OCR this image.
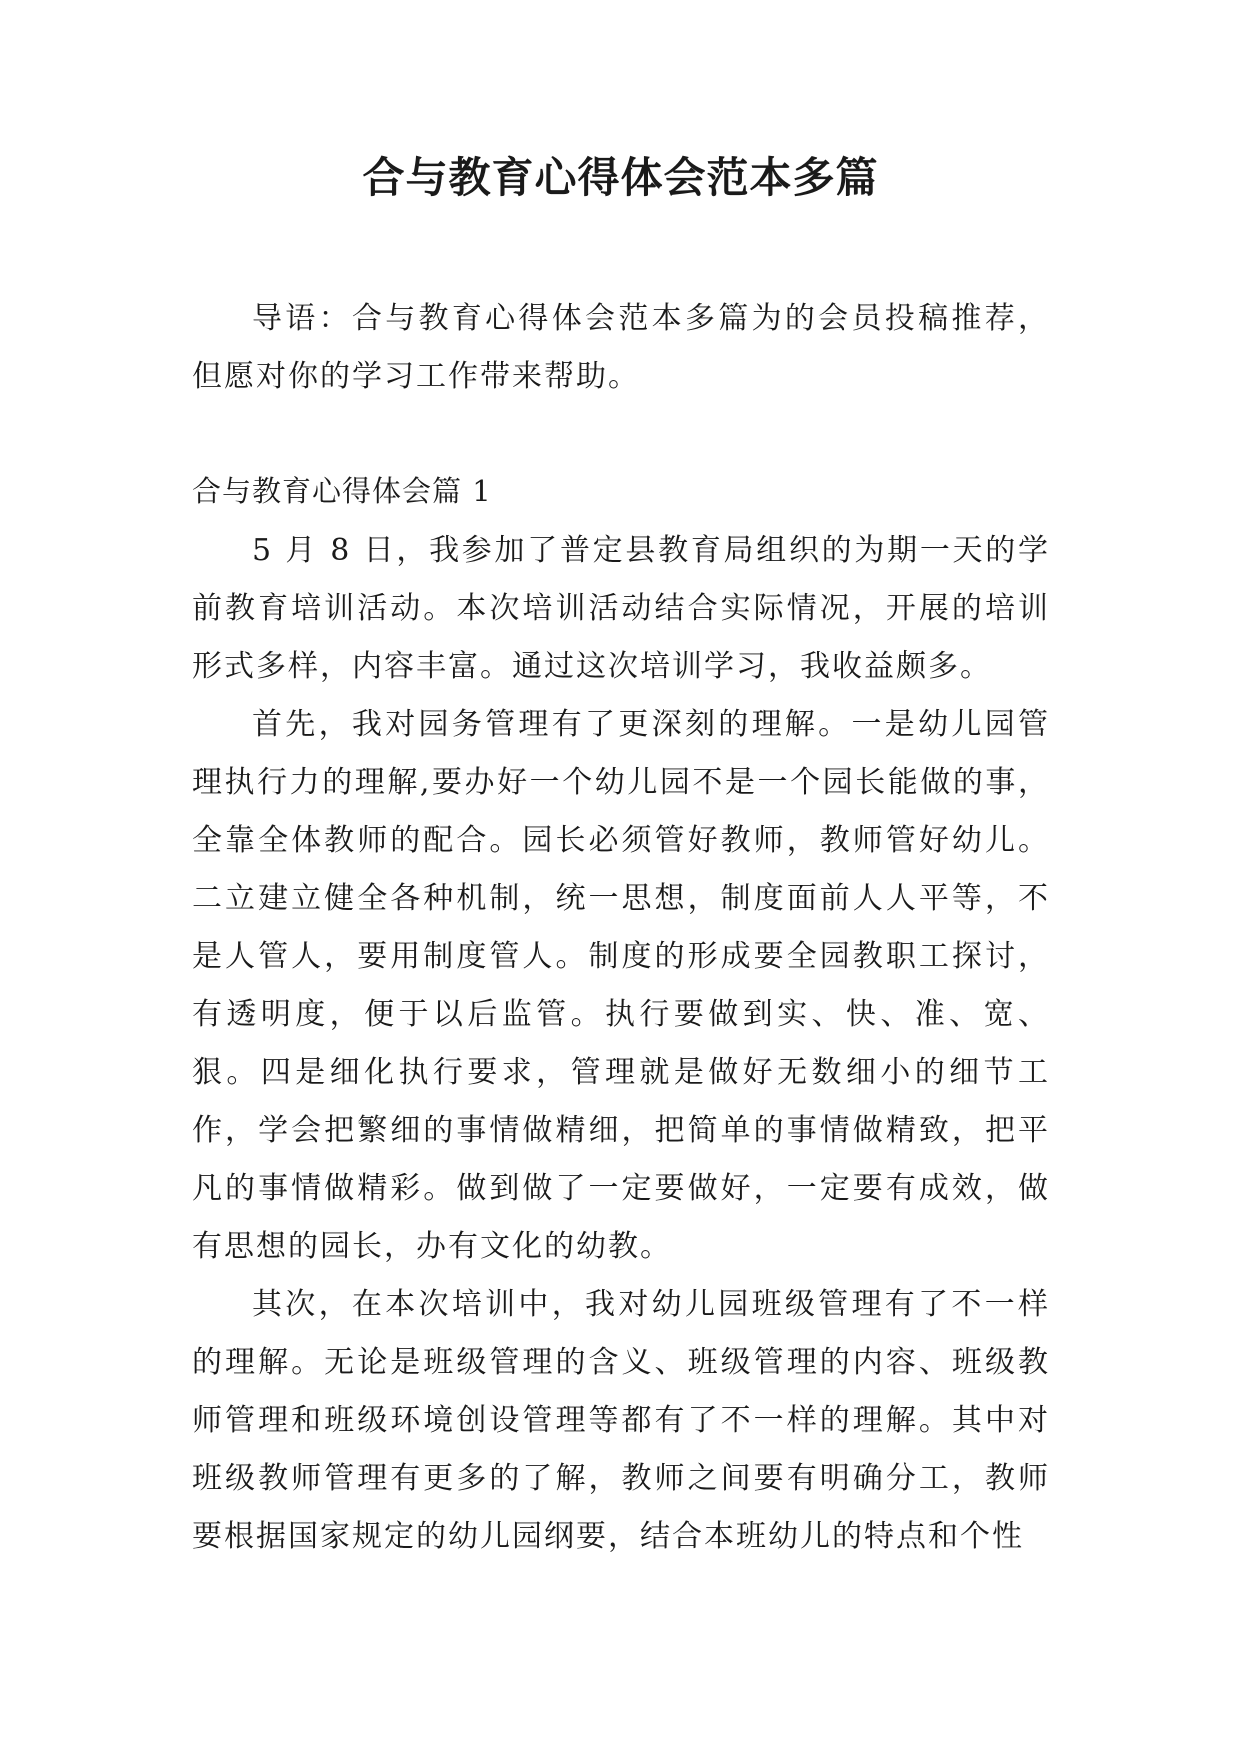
合与教育心得体会范本多篇

导语：合与教育心得体会范本多篇为的会员投稿推荐，但愿对你的学习工作带来帮助。

合与教育心得体会篇 1

5 月 8 日，我参加了普定县教育局组织的为期一天的学前教育培训活动。本次培训活动结合实际情况，开展的培训形式多样，内容丰富。通过这次培训学习，我收益颇多。

首先，我对园务管理有了更深刻的理解。一是幼儿园管理执行力的理解,要办好一个幼儿园不是一个园长能做的事，全靠全体教师的配合。园长必须管好教师，教师管好幼儿。二立建立健全各种机制，统一思想，制度面前人人平等，不是人管人，要用制度管人。制度的形成要全园教职工探讨，有透明度，便于以后监管。执行要做到实、快、准、宽、狠。四是细化执行要求，管理就是做好无数细小的细节工作，学会把繁细的事情做精细，把简单的事情做精致，把平凡的事情做精彩。做到做了一定要做好，一定要有成效，做有思想的园长，办有文化的幼教。

其次，在本次培训中，我对幼儿园班级管理有了不一样的理解。无论是班级管理的含义、班级管理的内容、班级教师管理和班级环境创设管理等都有了不一样的理解。其中对班级教师管理有更多的了解，教师之间要有明确分工，教师要根据国家规定的幼儿园纲要，结合本班幼儿的特点和个性
